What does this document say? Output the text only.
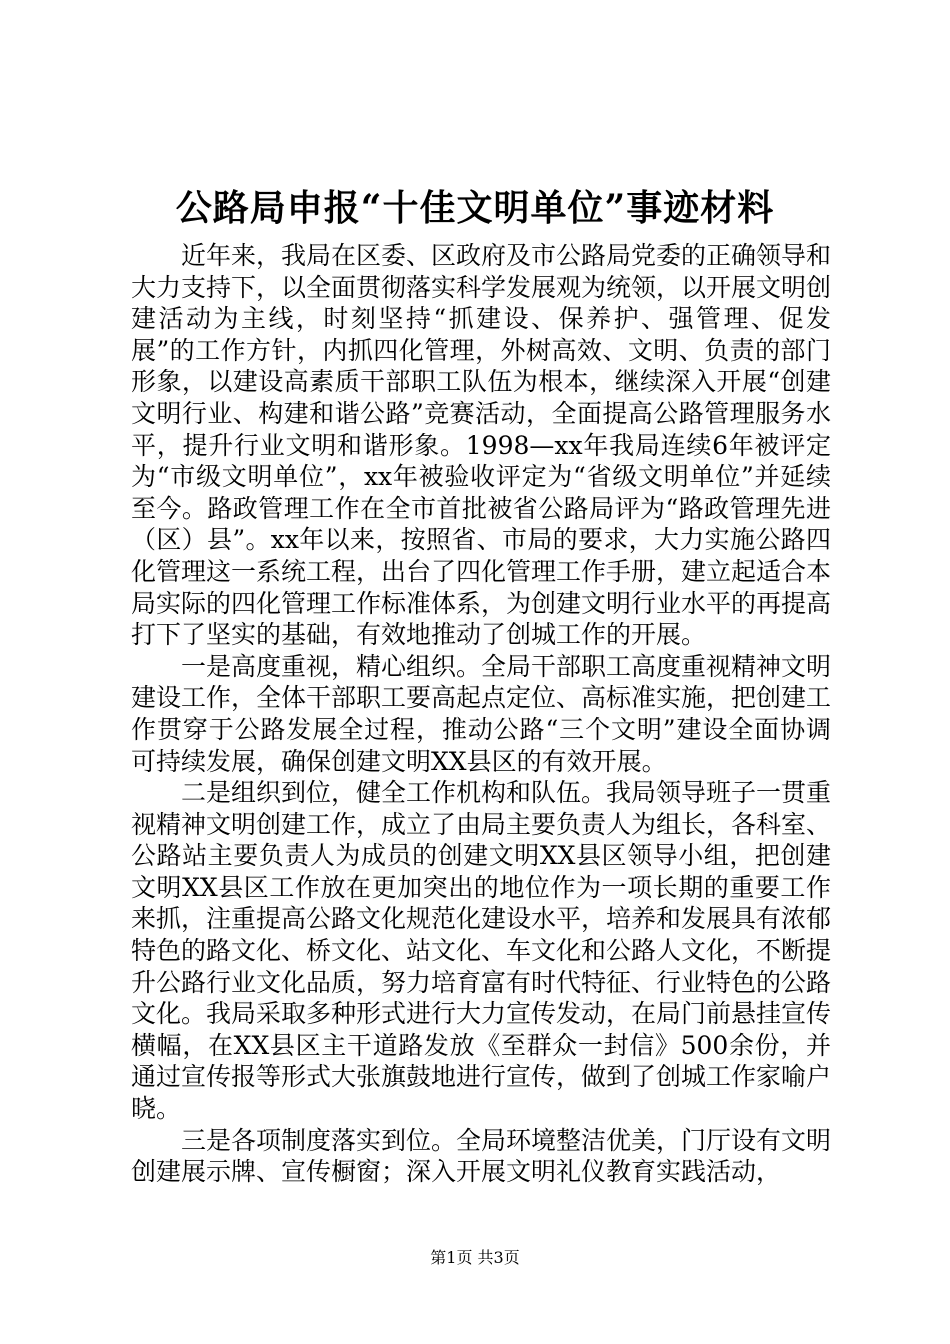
公路局申报“十佳文明单位”事迹材料

近年来，我局在区委、区政府及市公路局党委的正确领导和大力支持下，以全面贯彻落实科学发展观为统领，以开展文明创建活动为主线，时刻坚持“抓建设、保养护、强管理、促发展”的工作方针，内抓四化管理，外树高效、文明、负责的部门形象，以建设高素质干部职工队伍为根本，继续深入开展“创建文明行业、构建和谐公路”竞赛活动，全面提高公路管理服务水平，提升行业文明和谐形象。1998—xx年我局连续6年被评定为“市级文明单位”，xx年被验收评定为“省级文明单位”并延续至今。路政管理工作在全市首批被省公路局评为“路政管理先进（区）县”。xx年以来，按照省、市局的要求，大力实施公路四化管理这一系统工程，出台了四化管理工作手册，建立起适合本局实际的四化管理工作标准体系，为创建文明行业水平的再提高打下了坚实的基础，有效地推动了创城工作的开展。

一是高度重视，精心组织。全局干部职工高度重视精神文明建设工作，全体干部职工要高起点定位、高标准实施，把创建工作贯穿于公路发展全过程，推动公路“三个文明”建设全面协调可持续发展，确保创建文明XX县区的有效开展。

二是组织到位，健全工作机构和队伍。我局领导班子一贯重视精神文明创建工作，成立了由局主要负责人为组长，各科室、公路站主要负责人为成员的创建文明XX县区领导小组，把创建文明XX县区工作放在更加突出的地位作为一项长期的重要工作来抓，注重提高公路文化规范化建设水平，培养和发展具有浓郁特色的路文化、桥文化、站文化、车文化和公路人文化，不断提升公路行业文化品质，努力培育富有时代特征、行业特色的公路文化。我局采取多种形式进行大力宣传发动，在局门前悬挂宣传横幅，在XX县区主干道路发放《至群众一封信》500余份，并通过宣传报等形式大张旗鼓地进行宣传，做到了创城工作家喻户晓。

三是各项制度落实到位。全局环境整洁优美，门厅设有文明创建展示牌、宣传橱窗；深入开展文明礼仪教育实践活动，

第1页 共3页
